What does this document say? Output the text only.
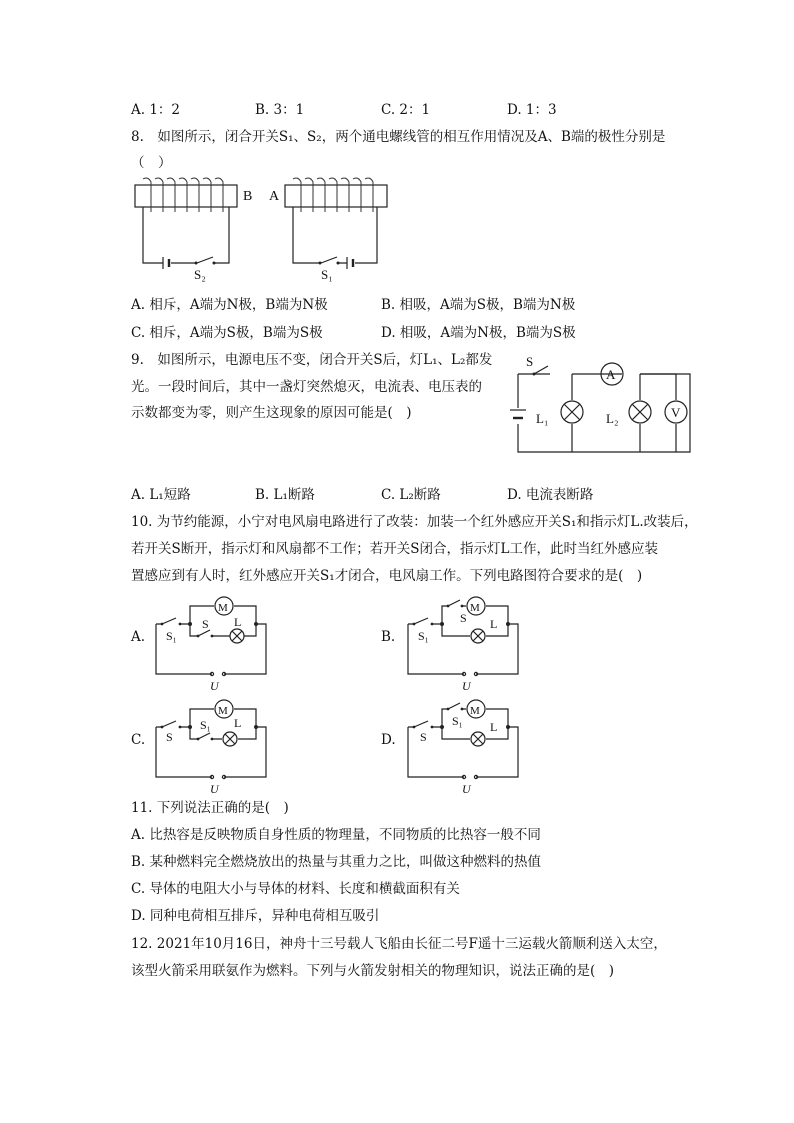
A. 1：2	B. 3：1	C. 2：1	D. 1：3
8.　如图所示，闭合开关S₁、S₂，两个通电螺线管的相互作用情况及A、B端的极性分别是
（　）
B
S₂
A
S₁
A. 相斥，A端为N极，B端为N极	B. 相吸，A端为S极，B端为N极
C. 相斥，A端为S极，B端为S极	D. 相吸，A端为N极，B端为S极
9.　如图所示，电源电压不变，闭合开关S后，灯L₁、L₂都发
光。一段时间后，其中一盏灯突然熄灭，电流表、电压表的
示数都变为零，则产生这现象的原因可能是(　)
S
A
L₁	L₂	V
A. L₁短路	B. L₁断路	C. L₂断路	D. 电流表断路
10. 为节约能源，小宁对电风扇电路进行了改装：加装一个红外感应开关S₁和指示灯L.改装后，
若开关S断开，指示灯和风扇都不工作；若开关S闭合，指示灯L工作，此时当红外感应装
置感应到有人时，红外感应开关S₁才闭合，电风扇工作。下列电路图符合要求的是(　)
A.	B.
C.	D.
M
L
S₁
S
U
M
L
S₁
S
U
M
L
S
S₁
U
M
L
S
S₁
U
11. 下列说法正确的是(　)
A. 比热容是反映物质自身性质的物理量，不同物质的比热容一般不同
B. 某种燃料完全燃烧放出的热量与其重力之比，叫做这种燃料的热值
C. 导体的电阻大小与导体的材料、长度和横截面积有关
D. 同种电荷相互排斥，异种电荷相互吸引
12. 2021年10月16日，神舟十三号载人飞船由长征二号F遥十三运载火箭顺利送入太空，
该型火箭采用联氨作为燃料。下列与火箭发射相关的物理知识，说法正确的是(　)
